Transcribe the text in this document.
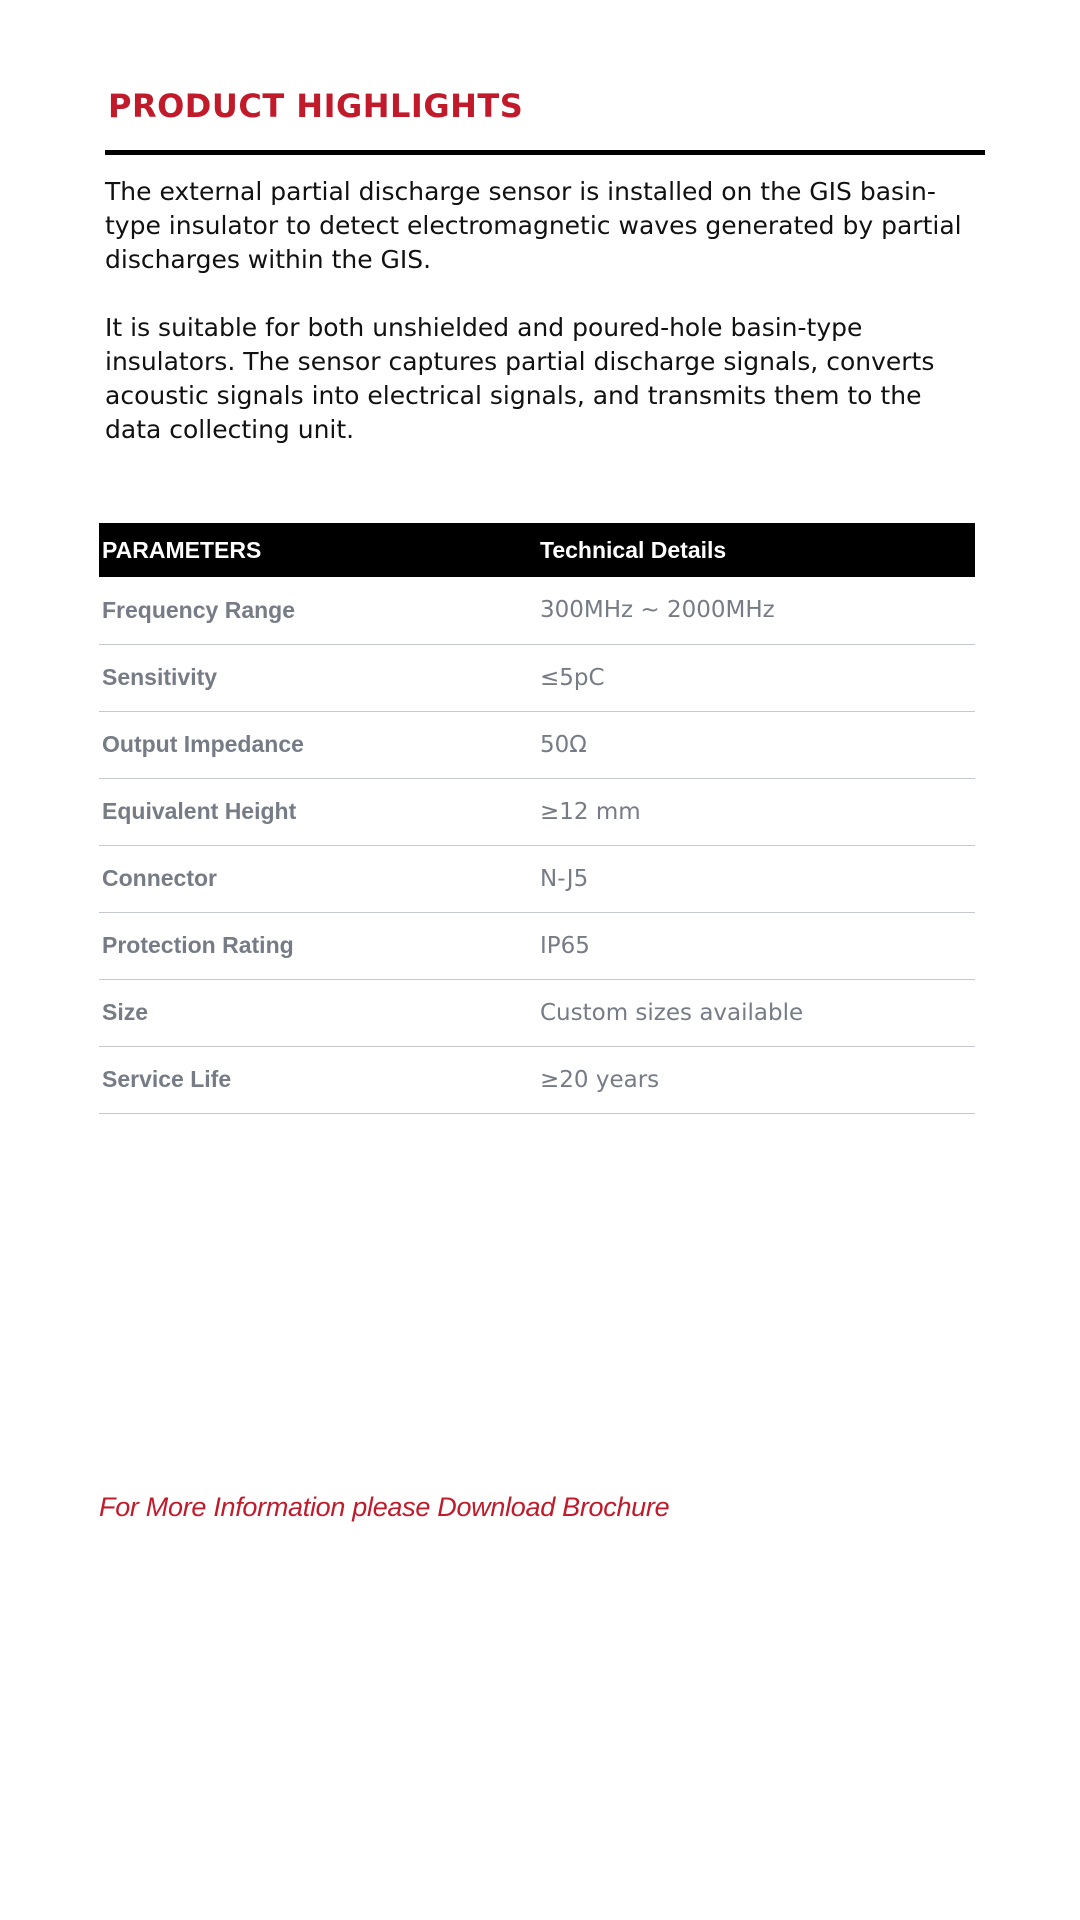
PRODUCT HIGHLIGHTS

The external partial discharge sensor is installed on the GIS basin-type insulator to detect electromagnetic waves generated by partial discharges within the GIS.

It is suitable for both unshielded and poured-hole basin-type insulators. The sensor captures partial discharge signals, converts acoustic signals into electrical signals, and transmits them to the data collecting unit.

PARAMETERS	Technical Details
Frequency Range	300MHz ~ 2000MHz
Sensitivity	≤5pC
Output Impedance	50Ω
Equivalent Height	≥12 mm
Connector	N-J5
Protection Rating	IP65
Size	Custom sizes available
Service Life	≥20 years
For More Information please Download Brochure
